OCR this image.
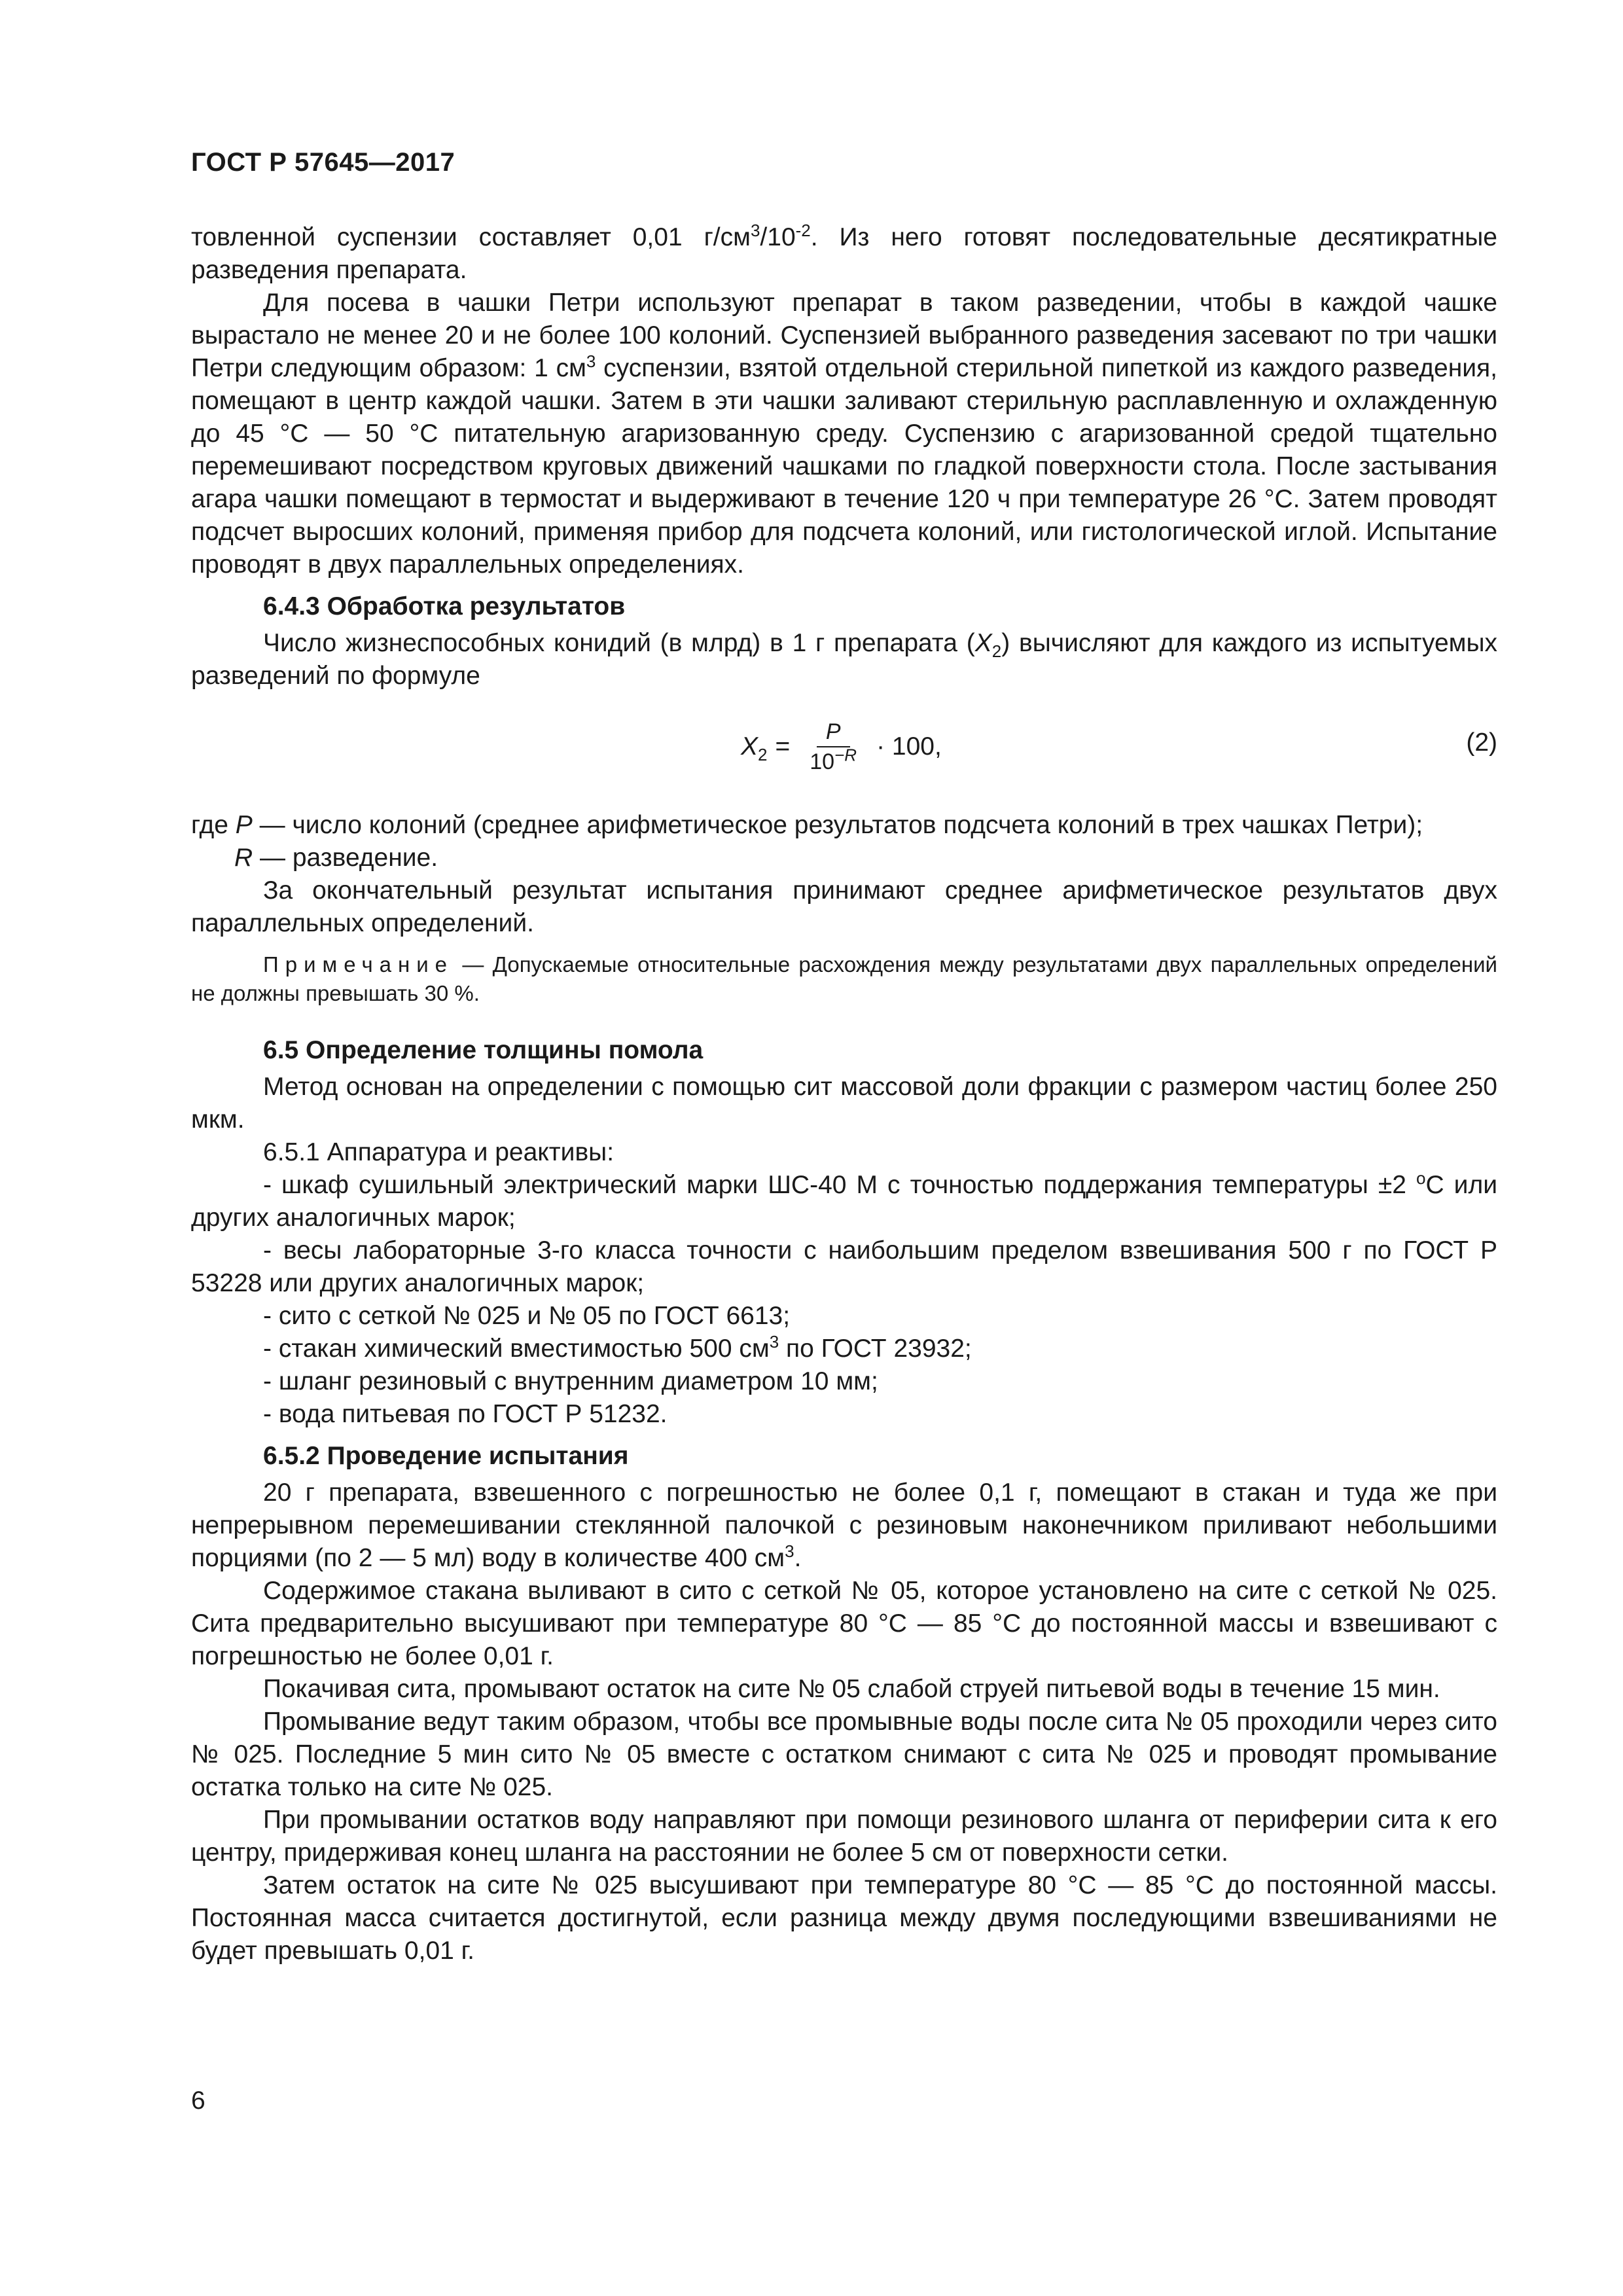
ГОСТ Р 57645—2017

товленной суспензии составляет 0,01 $г/см^3/10^{-2}$. Из него готовят последовательные десятикратные разведения препарата.

Для посева в чашки Петри используют препарат в таком разведении, чтобы в каждой чашке вырастало не менее 20 и не более 100 колоний. Суспензией выбранного разведения засевают по три чашки Петри следующим образом: 1 $см^3$ суспензии, взятой отдельной стерильной пипеткой из каждого разведения, помещают в центр каждой чашки. Затем в эти чашки заливают стерильную расплавленную и охлажденную до 45 °С — 50 °С питательную агаризованную среду. Суспензию с агаризованной средой тщательно перемешивают посредством круговых движений чашками по гладкой поверхности стола. После застывания агара чашки помещают в термостат и выдерживают в течение 120 ч при температуре 26 °С. Затем проводят подсчет выросших колоний, применяя прибор для подсчета колоний, или гистологической иглой. Испытание проводят в двух параллельных определениях.

6.4.3 Обработка результатов

Число жизнеспособных конидий (в млрд) в 1 г препарата $(X_2)$ вычисляют для каждого из испытуемых разведений по формуле

$X_2 = \frac{P}{10^{-R}} \cdot 100$,	(2)

где P — число колоний (среднее арифметическое результатов подсчета колоний в трех чашках Петри);

R — разведение.

За окончательный результат испытания принимают среднее арифметическое результатов двух параллельных определений.

Примечание — Допускаемые относительные расхождения между результатами двух параллельных определений не должны превышать 30 %.

6.5 Определение толщины помола

Метод основан на определении с помощью сит массовой доли фракции с размером частиц более 250 мкм.

6.5.1 Аппаратура и реактивы:

- шкаф сушильный электрический марки ШС-40 М с точностью поддержания температуры ±2 $^о$С или других аналогичных марок;

- весы лабораторные 3-го класса точности с наибольшим пределом взвешивания 500 г по ГОСТ Р 53228 или других аналогичных марок;

- сито с сеткой № 025 и № 05 по ГОСТ 6613;

- стакан химический вместимостью 500 $см^3$ по ГОСТ 23932;

- шланг резиновый с внутренним диаметром 10 мм;

- вода питьевая по ГОСТ Р 51232.

6.5.2 Проведение испытания

20 г препарата, взвешенного с погрешностью не более 0,1 г, помещают в стакан и туда же при непрерывном перемешивании стеклянной палочкой с резиновым наконечником приливают небольшими порциями (по 2 — 5 мл) воду в количестве 400 $см^3$.

Содержимое стакана выливают в сито с сеткой № 05, которое установлено на сите с сеткой № 025. Сита предварительно высушивают при температуре 80 °С — 85 °С до постоянной массы и взвешивают с погрешностью не более 0,01 г.

Покачивая сита, промывают остаток на сите № 05 слабой струей питьевой воды в течение 15 мин.

Промывание ведут таким образом, чтобы все промывные воды после сита № 05 проходили через сито № 025. Последние 5 мин сито № 05 вместе с остатком снимают с сита № 025 и проводят промывание остатка только на сите № 025.

При промывании остатков воду направляют при помощи резинового шланга от периферии сита к его центру, придерживая конец шланга на расстоянии не более 5 см от поверхности сетки.

Затем остаток на сите № 025 высушивают при температуре 80 °С — 85 °С до постоянной массы. Постоянная масса считается достигнутой, если разница между двумя последующими взвешиваниями не будет превышать 0,01 г.

6
